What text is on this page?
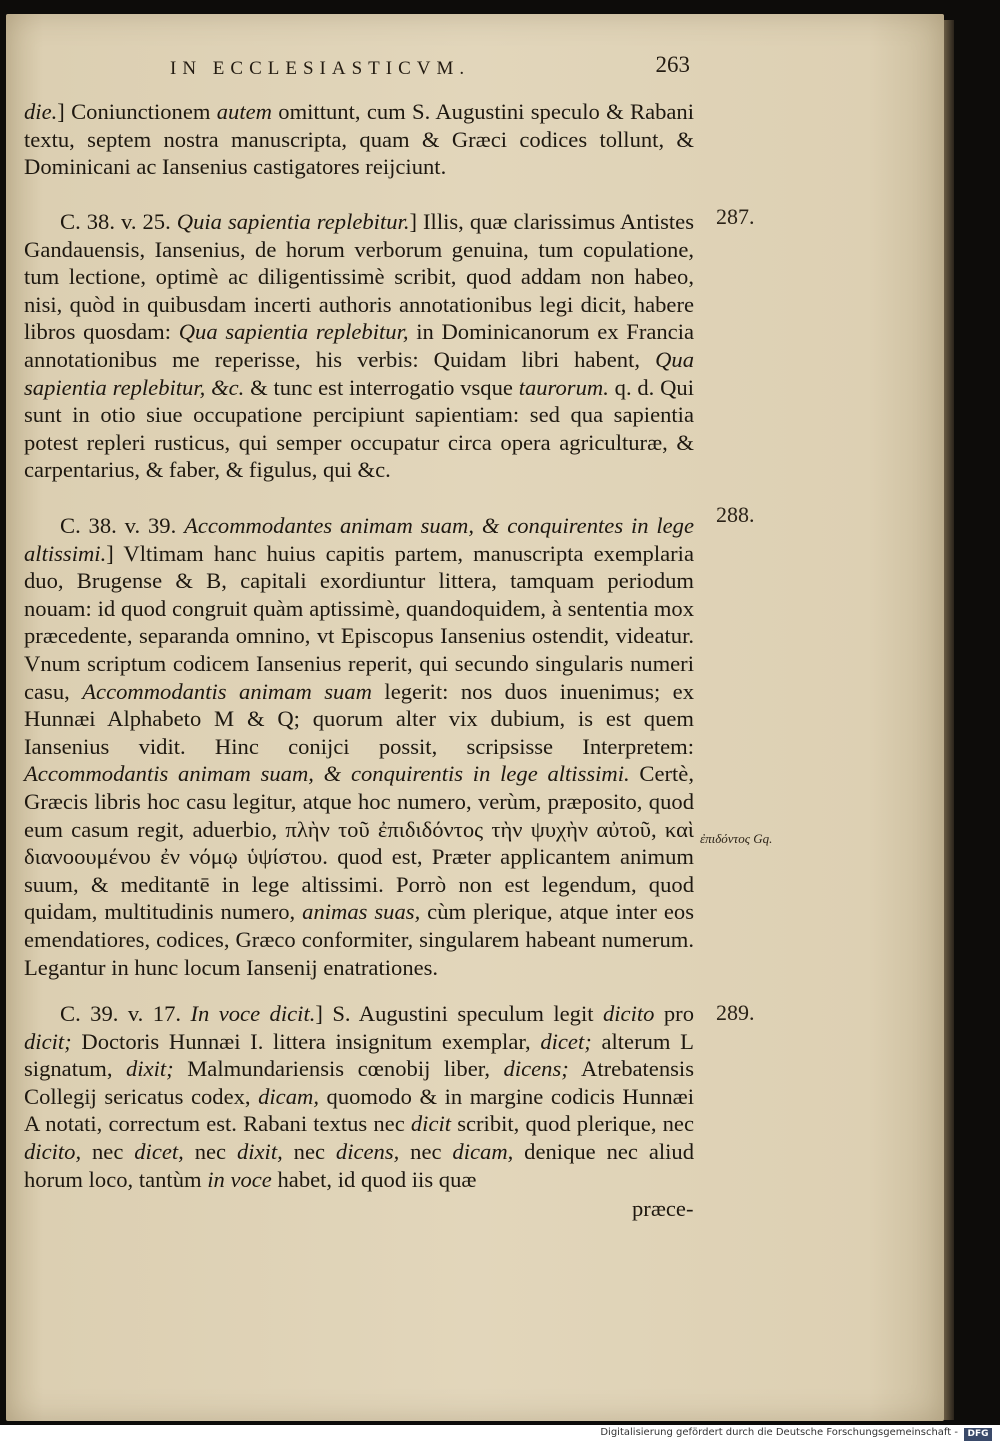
IN ECCLESIASTICVM.	263
die.] Coniunctionem autem omittunt, cum S. Augustini speculo & Rabani textu, septem nostra manuscripta, quam & Græci codices tollunt, & Dominicani ac Iansenius castigatores reijciunt.
C. 38. v. 25. Quia sapientia replebitur.] Illis, quæ clarissimus Antistes Gandauensis, Iansenius, de horum verborum genuina, tum copulatione, tum lectione, optimè ac diligentissimè scribit, quod addam non habeo, nisi, quòd in quibusdam incerti authoris annotationibus legi dicit, habere libros quosdam: Qua sapientia replebitur, in Dominicanorum ex Francia annotationibus me reperisse, his verbis: Quidam libri habent, Qua sapientia replebitur, &c. & tunc est interrogatio vsque taurorum. q. d. Qui sunt in otio siue occupatione percipiunt sapientiam: sed qua sapientia potest repleri rusticus, qui semper occupatur circa opera agriculturæ, & carpentarius, & faber, & figulus, qui &c.
C. 38. v. 39. Accommodantes animam suam, & conquirentes in lege altissimi.] Vltimam hanc huius capitis partem, manuscripta exemplaria duo, Brugense & B, capitali exordiuntur littera, tamquam periodum nouam: id quod congruit quàm aptissimè, quandoquidem, à sententia mox præcedente, separanda omnino, vt Episcopus Iansenius ostendit, videatur. Vnum scriptum codicem Iansenius reperit, qui secundo singularis numeri casu, Accommodantis animam suam legerit: nos duos inuenimus; ex Hunnæi Alphabeto M & Q; quorum alter vix dubium, is est quem Iansenius vidit. Hinc conijci possit, scripsisse Interpretem: Accommodantis animam suam, & conquirentis in lege altissimi. Certè, Græcis libris hoc casu legitur, atque hoc numero, verùm, præposito, quod eum casum regit, aduerbio, πλὴν τοῦ ἐπιδιδόντος τὴν ψυχὴν αὐτοῦ, καὶ διανοουμένου ἐν νόμῳ ὑψίστου. quod est, Præter applicantem animum suum, & meditantē in lege altissimi. Porrò non est legendum, quod quidam, multitudinis numero, animas suas, cùm plerique, atque inter eos emendatiores, codices, Græco conformiter, singularem habeant numerum. Legantur in hunc locum Iansenij enatrationes.
C. 39. v. 17. In voce dicit.] S. Augustini speculum legit dicito pro dicit; Doctoris Hunnæi I. littera insignitum exemplar, dicet; alterum L signatum, dixit; Malmundariensis cœnobij liber, dicens; Atrebatensis Collegij sericatus codex, dicam, quomodo & in margine codicis Hunnæi A notati, correctum est. Rabani textus nec dicit scribit, quod plerique, nec dicito, nec dicet, nec dixit, nec dicens, nec dicam, denique nec aliud horum loco, tantùm in voce habet, id quod iis quæ
287.
288.
289.
ἐπιδόντος Gq.
præce-
Digitalisierung gefördert durch die Deutsche Forschungsgemeinschaft -	DFG
